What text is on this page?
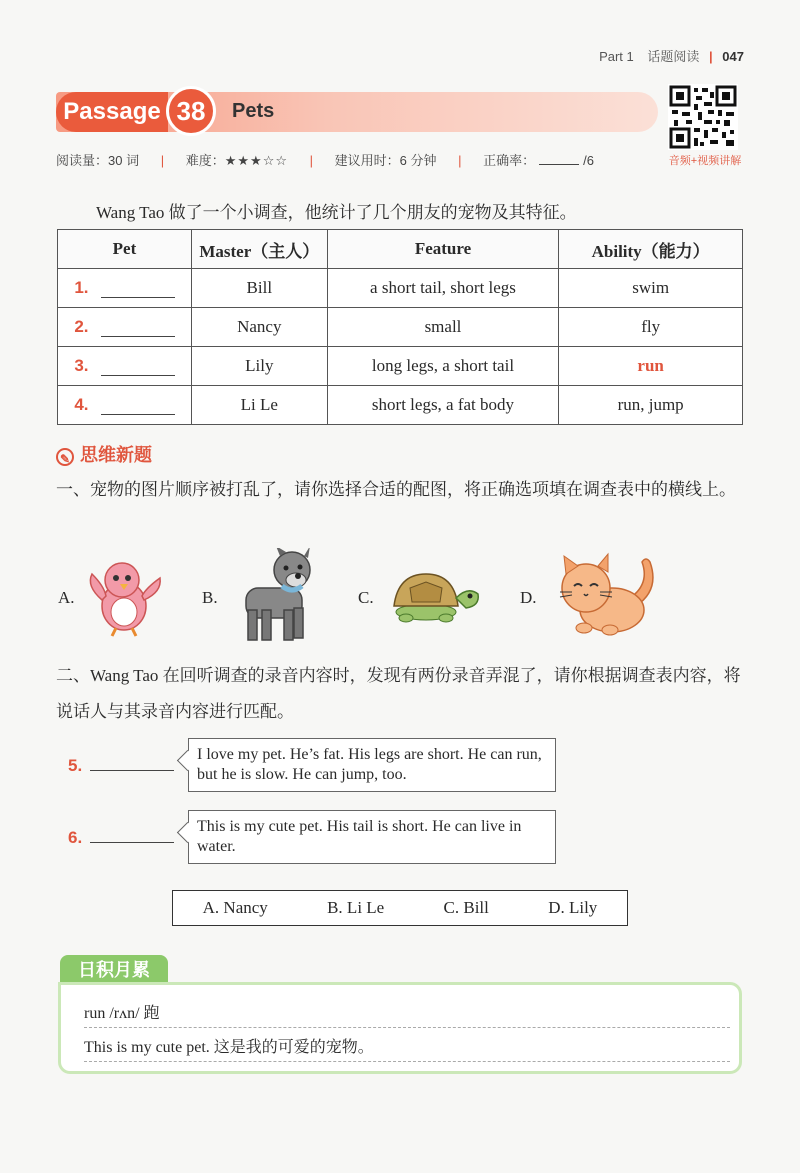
Part 1 话题阅读 | 047
Passage 38	Pets
音频+视频讲解
阅读量：30 词 | 难度：★★★☆☆ | 建议用时：6 分钟 | 正确率：	/6
Wang Tao 做了一个小调查，他统计了几个朋友的宠物及其特征。
Pet	Master（主人）	Feature	Ability（能力）
1.	Bill	a short tail, short legs	swim
2.	Nancy	small	fly
3.	Lily	long legs, a short tail	run
4.	Li Le	short legs, a fat body	run, jump
✎ 思维新题
一、宠物的图片顺序被打乱了，请你选择合适的配图，将正确选项填在调查表中的横线上。
A.	B.	C.	D.
二、Wang Tao 在回听调查的录音内容时，发现有两份录音弄混了，请你根据调查表内容，将说话人与其录音内容进行匹配。
5.
I love my pet. He’s fat. His legs are short. He can run, but he is slow. He can jump, too.
6.
This is my cute pet. His tail is short. He can live in water.
A. Nancy	B. Li Le	C. Bill	D. Lily
日积月累
run /rʌn/ 跑
This is my cute pet. 这是我的可爱的宠物。
